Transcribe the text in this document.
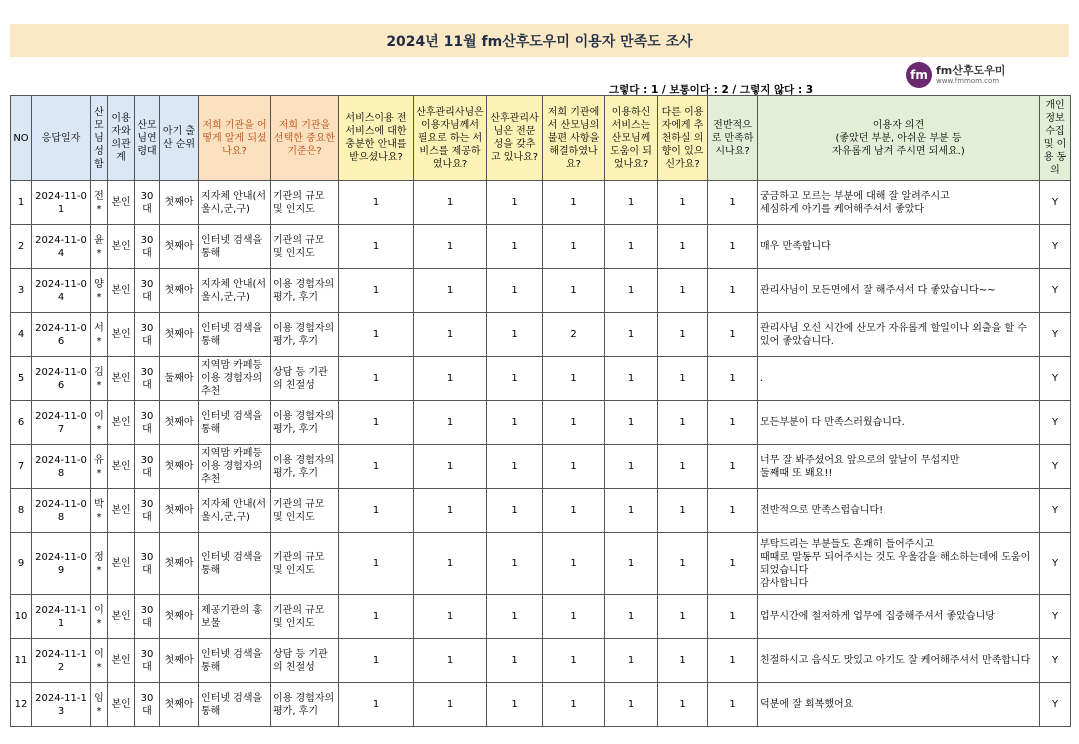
2024년 11월 fm산후도우미 이용자 만족도 조사
그렇다 : 1 / 보통이다 : 2 / 그렇지 않다 : 3
fm fm산후도우미
www.fmmom.com
NO	응답일자	산모님성함	이용자와의관계	산모님연령대	아기 출산 순위	저희 기관을 어떻게 알게 되셨나요?	저희 기관을 선택한 중요한 기준은?	서비스이용 전 서비스에 대한 충분한 안내를 받으셨나요?	산후관리사님은 이용자님께서 필요로 하는 서비스를 제공하였나요?	산후관리사님은 전문성을 갖추고 있나요?	저희 기관에서 산모님의 불편 사항을 해결하였나요?	이용하신 서비스는 산모님께 도움이 되었나요?	다른 이용자에게 추천하실 의향이 있으신가요?	전반적으로 만족하시나요?	이용자 의견
(좋았던 부분, 아쉬운 부분 등
자유롭게 남겨 주시면 되세요.)	개인정보수집 및 이용 동의
1	2024-11-01	전*	본인	30대	첫째아	지자체 안내(서울시,군,구)	기관의 규모 및 인지도	1	1	1	1	1	1	1	궁금하고 모르는 부분에 대해 잘 알려주시고
세심하게 아기를 케어해주셔서 좋았다	Y
2	2024-11-04	윤*	본인	30대	첫째아	인터넷 검색을 통해	기관의 규모 및 인지도	1	1	1	1	1	1	1	매우 만족합니다	Y
3	2024-11-04	양*	본인	30대	첫째아	지자체 안내(서울시,군,구)	이용 경험자의 평가, 후기	1	1	1	1	1	1	1	관리사님이 모든면에서 잘 해주셔서 다 좋았습니다~~	Y
4	2024-11-06	서*	본인	30대	첫째아	인터넷 검색을 통해	이용 경험자의 평가, 후기	1	1	1	2	1	1	1	관리사님 오신 시간에 산모가 자유롭게 할일이나 외출을 할 수 있어 좋았습니다.	Y
5	2024-11-06	김*	본인	30대	둘째아	지역맘 카페등 이용 경험자의 추천	상담 등 기관의 친절성	1	1	1	1	1	1	1	.	Y
6	2024-11-07	이*	본인	30대	첫째아	인터넷 검색을 통해	이용 경험자의 평가, 후기	1	1	1	1	1	1	1	모든부분이 다 만족스러웠습니다.	Y
7	2024-11-08	유*	본인	30대	첫째아	지역맘 카페등 이용 경험자의 추천	이용 경험자의 평가, 후기	1	1	1	1	1	1	1	너무 잘 봐주셨어요 앞으로의 앞날이 무섭지만
둘째때 또 봬요!!	Y
8	2024-11-08	박*	본인	30대	첫째아	지자체 안내(서울시,군,구)	기관의 규모 및 인지도	1	1	1	1	1	1	1	전반적으로 만족스럽습니다!	Y
9	2024-11-09	정*	본인	30대	첫째아	인터넷 검색을 통해	기관의 규모 및 인지도	1	1	1	1	1	1	1	부탁드리는 부분들도 흔쾌히 들어주시고
때때로 말동무 되어주시는 것도 우울감을 해소하는데에 도움이 되었습니다
감사합니다	Y
10	2024-11-11	이*	본인	30대	첫째아	제공기관의 홍보물	기관의 규모 및 인지도	1	1	1	1	1	1	1	업무시간에 철저하게 업무에 집중해주셔서 좋았습니당	Y
11	2024-11-12	이*	본인	30대	첫째아	인터넷 검색을 통해	상담 등 기관의 친절성	1	1	1	1	1	1	1	친절하시고 음식도 맛있고 아기도 잘 케어해주셔서 만족합니다	Y
12	2024-11-13	임*	본인	30대	첫째아	인터넷 검색을 통해	이용 경험자의 평가, 후기	1	1	1	1	1	1	1	덕분에 잘 회복했어요	Y
